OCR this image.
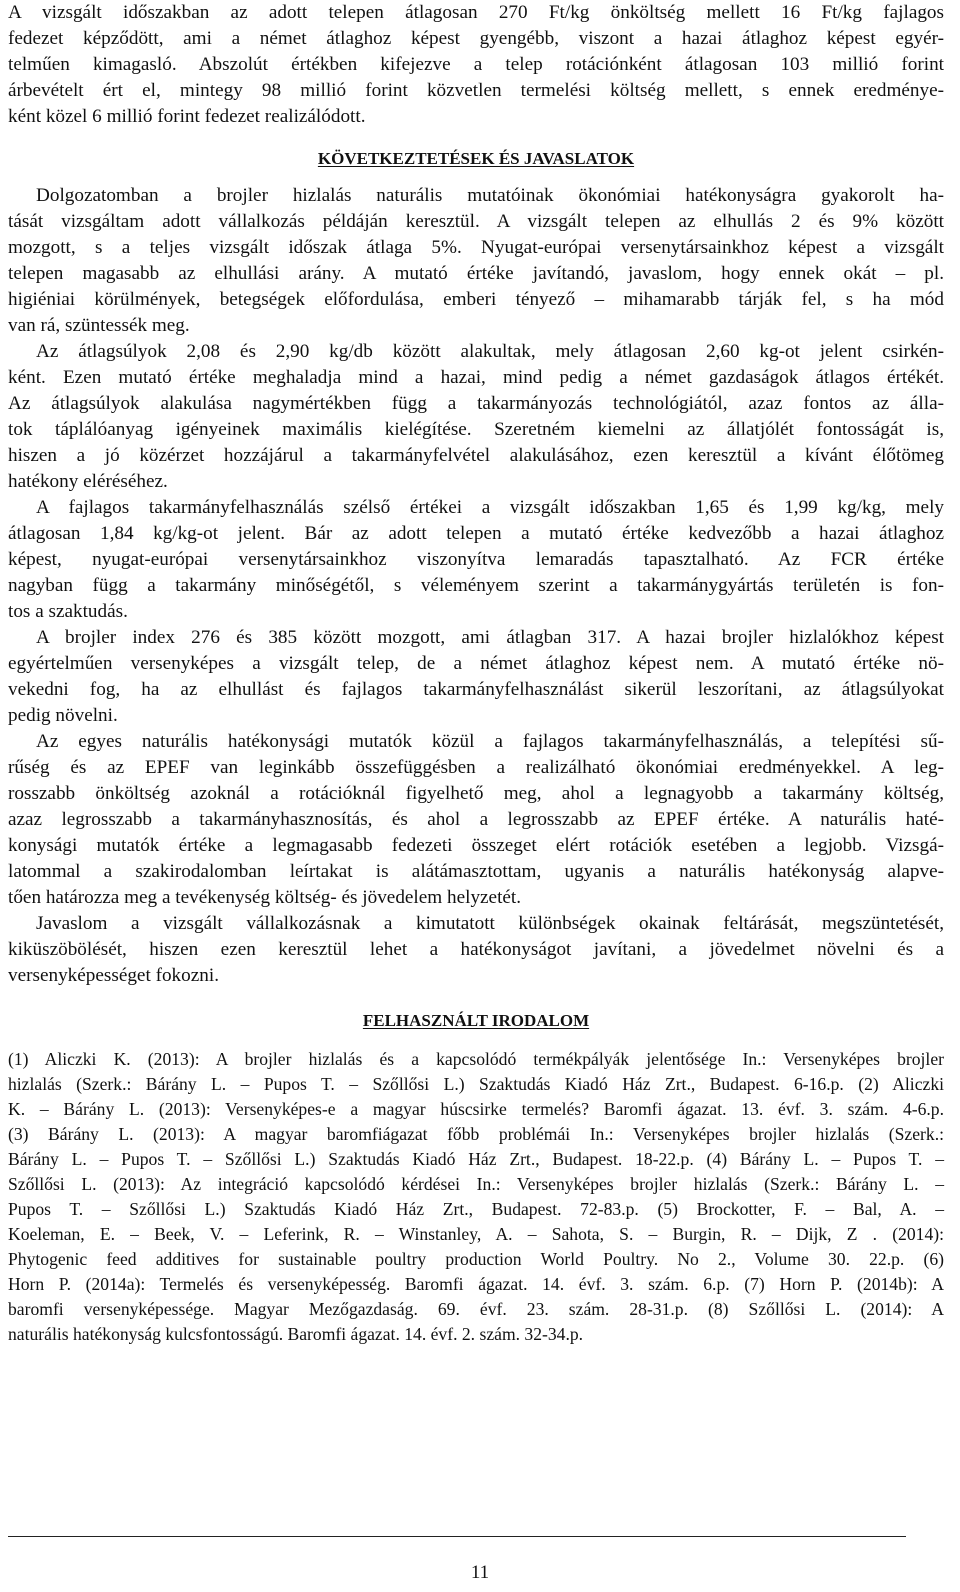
A vizsgált időszakban az adott telepen átlagosan 270 Ft/kg önköltség mellett 16 Ft/kg fajlagos
fedezet képződött, ami a német átlaghoz képest gyengébb, viszont a hazai átlaghoz képest egyér-
telműen kimagasló. Abszolút értékben kifejezve a telep rotációnként átlagosan 103 millió forint
árbevételt ért el, mintegy 98 millió forint közvetlen termelési költség mellett, s ennek eredménye-
ként közel 6 millió forint fedezet realizálódott.
KÖVETKEZTETÉSEK ÉS JAVASLATOK
Dolgozatomban a brojler hizlalás naturális mutatóinak ökonómiai hatékonyságra gyakorolt ha-
tását vizsgáltam adott vállalkozás példáján keresztül. A vizsgált telepen az elhullás 2 és 9% között
mozgott, s a teljes vizsgált időszak átlaga 5%. Nyugat-európai versenytársainkhoz képest a vizsgált
telepen magasabb az elhullási arány. A mutató értéke javítandó, javaslom, hogy ennek okát – pl.
higiéniai körülmények, betegségek előfordulása, emberi tényező – mihamarabb tárják fel, s ha mód
van rá, szüntessék meg.
Az átlagsúlyok 2,08 és 2,90 kg/db között alakultak, mely átlagosan 2,60 kg-ot jelent csirkén-
ként. Ezen mutató értéke meghaladja mind a hazai, mind pedig a német gazdaságok átlagos értékét.
Az átlagsúlyok alakulása nagymértékben függ a takarmányozás technológiától, azaz fontos az álla-
tok táplálóanyag igényeinek maximális kielégítése. Szeretném kiemelni az állatjólét fontosságát is,
hiszen a jó közérzet hozzájárul a takarmányfelvétel alakulásához, ezen keresztül a kívánt élőtömeg
hatékony eléréséhez.
A fajlagos takarmányfelhasználás szélső értékei a vizsgált időszakban 1,65 és 1,99 kg/kg, mely
átlagosan 1,84 kg/kg-ot jelent. Bár az adott telepen a mutató értéke kedvezőbb a hazai átlaghoz
képest, nyugat-európai versenytársainkhoz viszonyítva lemaradás tapasztalható. Az FCR értéke
nagyban függ a takarmány minőségétől, s véleményem szerint a takarmánygyártás területén is fon-
tos a szaktudás.
A brojler index 276 és 385 között mozgott, ami átlagban 317. A hazai brojler hizlalókhoz képest
egyértelműen versenyképes a vizsgált telep, de a német átlaghoz képest nem. A mutató értéke nö-
vekedni fog, ha az elhullást és fajlagos takarmányfelhasználást sikerül leszorítani, az átlagsúlyokat
pedig növelni.
Az egyes naturális hatékonysági mutatók közül a fajlagos takarmányfelhasználás, a telepítési sű-
rűség és az EPEF van leginkább összefüggésben a realizálható ökonómiai eredményekkel. A leg-
rosszabb önköltség azoknál a rotációknál figyelhető meg, ahol a legnagyobb a takarmány költség,
azaz legrosszabb a takarmányhasznosítás, és ahol a legrosszabb az EPEF értéke. A naturális haté-
konysági mutatók értéke a legmagasabb fedezeti összeget elért rotációk esetében a legjobb. Vizsgá-
latommal a szakirodalomban leírtakat is alátámasztottam, ugyanis a naturális hatékonyság alapve-
tően határozza meg a tevékenység költség- és jövedelem helyzetét.
Javaslom a vizsgált vállalkozásnak a kimutatott különbségek okainak feltárását, megszüntetését,
kiküszöbölését, hiszen ezen keresztül lehet a hatékonyságot javítani, a jövedelmet növelni és a
versenyképességet fokozni.
FELHASZNÁLT IRODALOM
(1) Aliczki K. (2013): A brojler hizlalás és a kapcsolódó termékpályák jelentősége In.: Versenyképes brojler
hizlalás (Szerk.: Bárány L. – Pupos T. – Szőllősi L.) Szaktudás Kiadó Ház Zrt., Budapest. 6-16.p. (2) Aliczki
K. – Bárány L. (2013): Versenyképes-e a magyar húscsirke termelés? Baromfi ágazat. 13. évf. 3. szám. 4-6.p.
(3) Bárány L. (2013): A magyar baromfiágazat főbb problémái In.: Versenyképes brojler hizlalás (Szerk.:
Bárány L. – Pupos T. – Szőllősi L.) Szaktudás Kiadó Ház Zrt., Budapest. 18-22.p. (4) Bárány L. – Pupos T. –
Szőllősi L. (2013): Az integráció kapcsolódó kérdései In.: Versenyképes brojler hizlalás (Szerk.: Bárány L. –
Pupos T. – Szőllősi L.) Szaktudás Kiadó Ház Zrt., Budapest. 72-83.p. (5) Brockotter, F. – Bal, A. –
Koeleman, E. – Beek, V. – Leferink, R. – Winstanley, A. – Sahota, S. – Burgin, R. – Dijk, Z . (2014):
Phytogenic feed additives for sustainable poultry production World Poultry. No 2., Volume 30. 22.p. (6)
Horn P. (2014a): Termelés és versenyképesség. Baromfi ágazat. 14. évf. 3. szám. 6.p. (7) Horn P. (2014b): A
baromfi versenyképessége. Magyar Mezőgazdaság. 69. évf. 23. szám. 28-31.p. (8) Szőllősi L. (2014): A
naturális hatékonyság kulcsfontosságú. Baromfi ágazat. 14. évf. 2. szám. 32-34.p.
11
